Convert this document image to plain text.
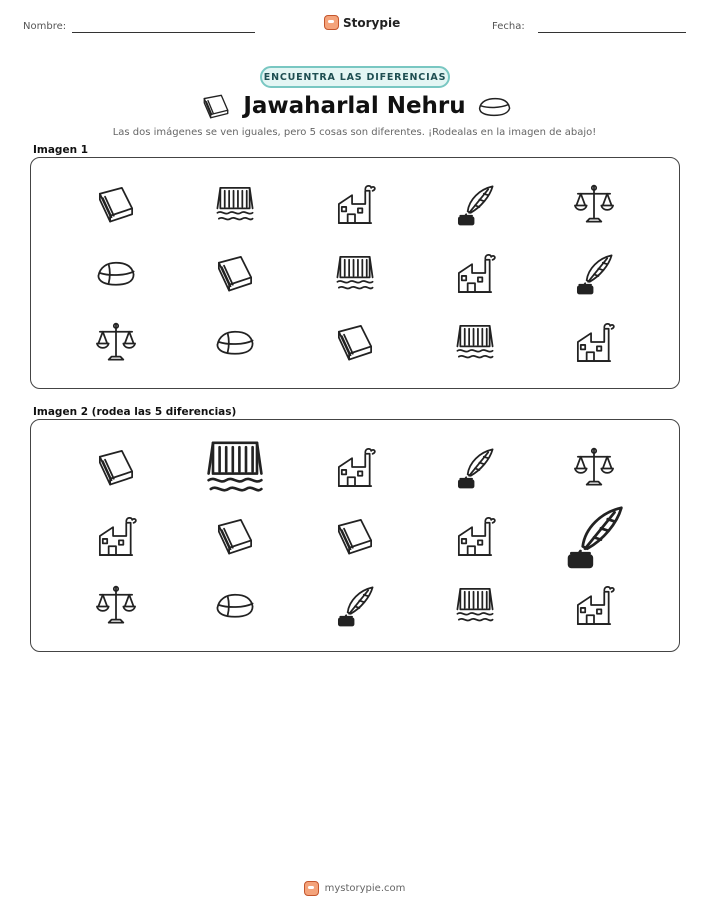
Nombre:	Storypie	Fecha:
ENCUENTRA LAS DIFERENCIAS
Jawaharlal Nehru
Las dos imágenes se ven iguales, pero 5 cosas son diferentes. ¡Rodealas en la imagen de abajo!
Imagen 1
Imagen 2 (rodea las 5 diferencias)
mystorypie.com
